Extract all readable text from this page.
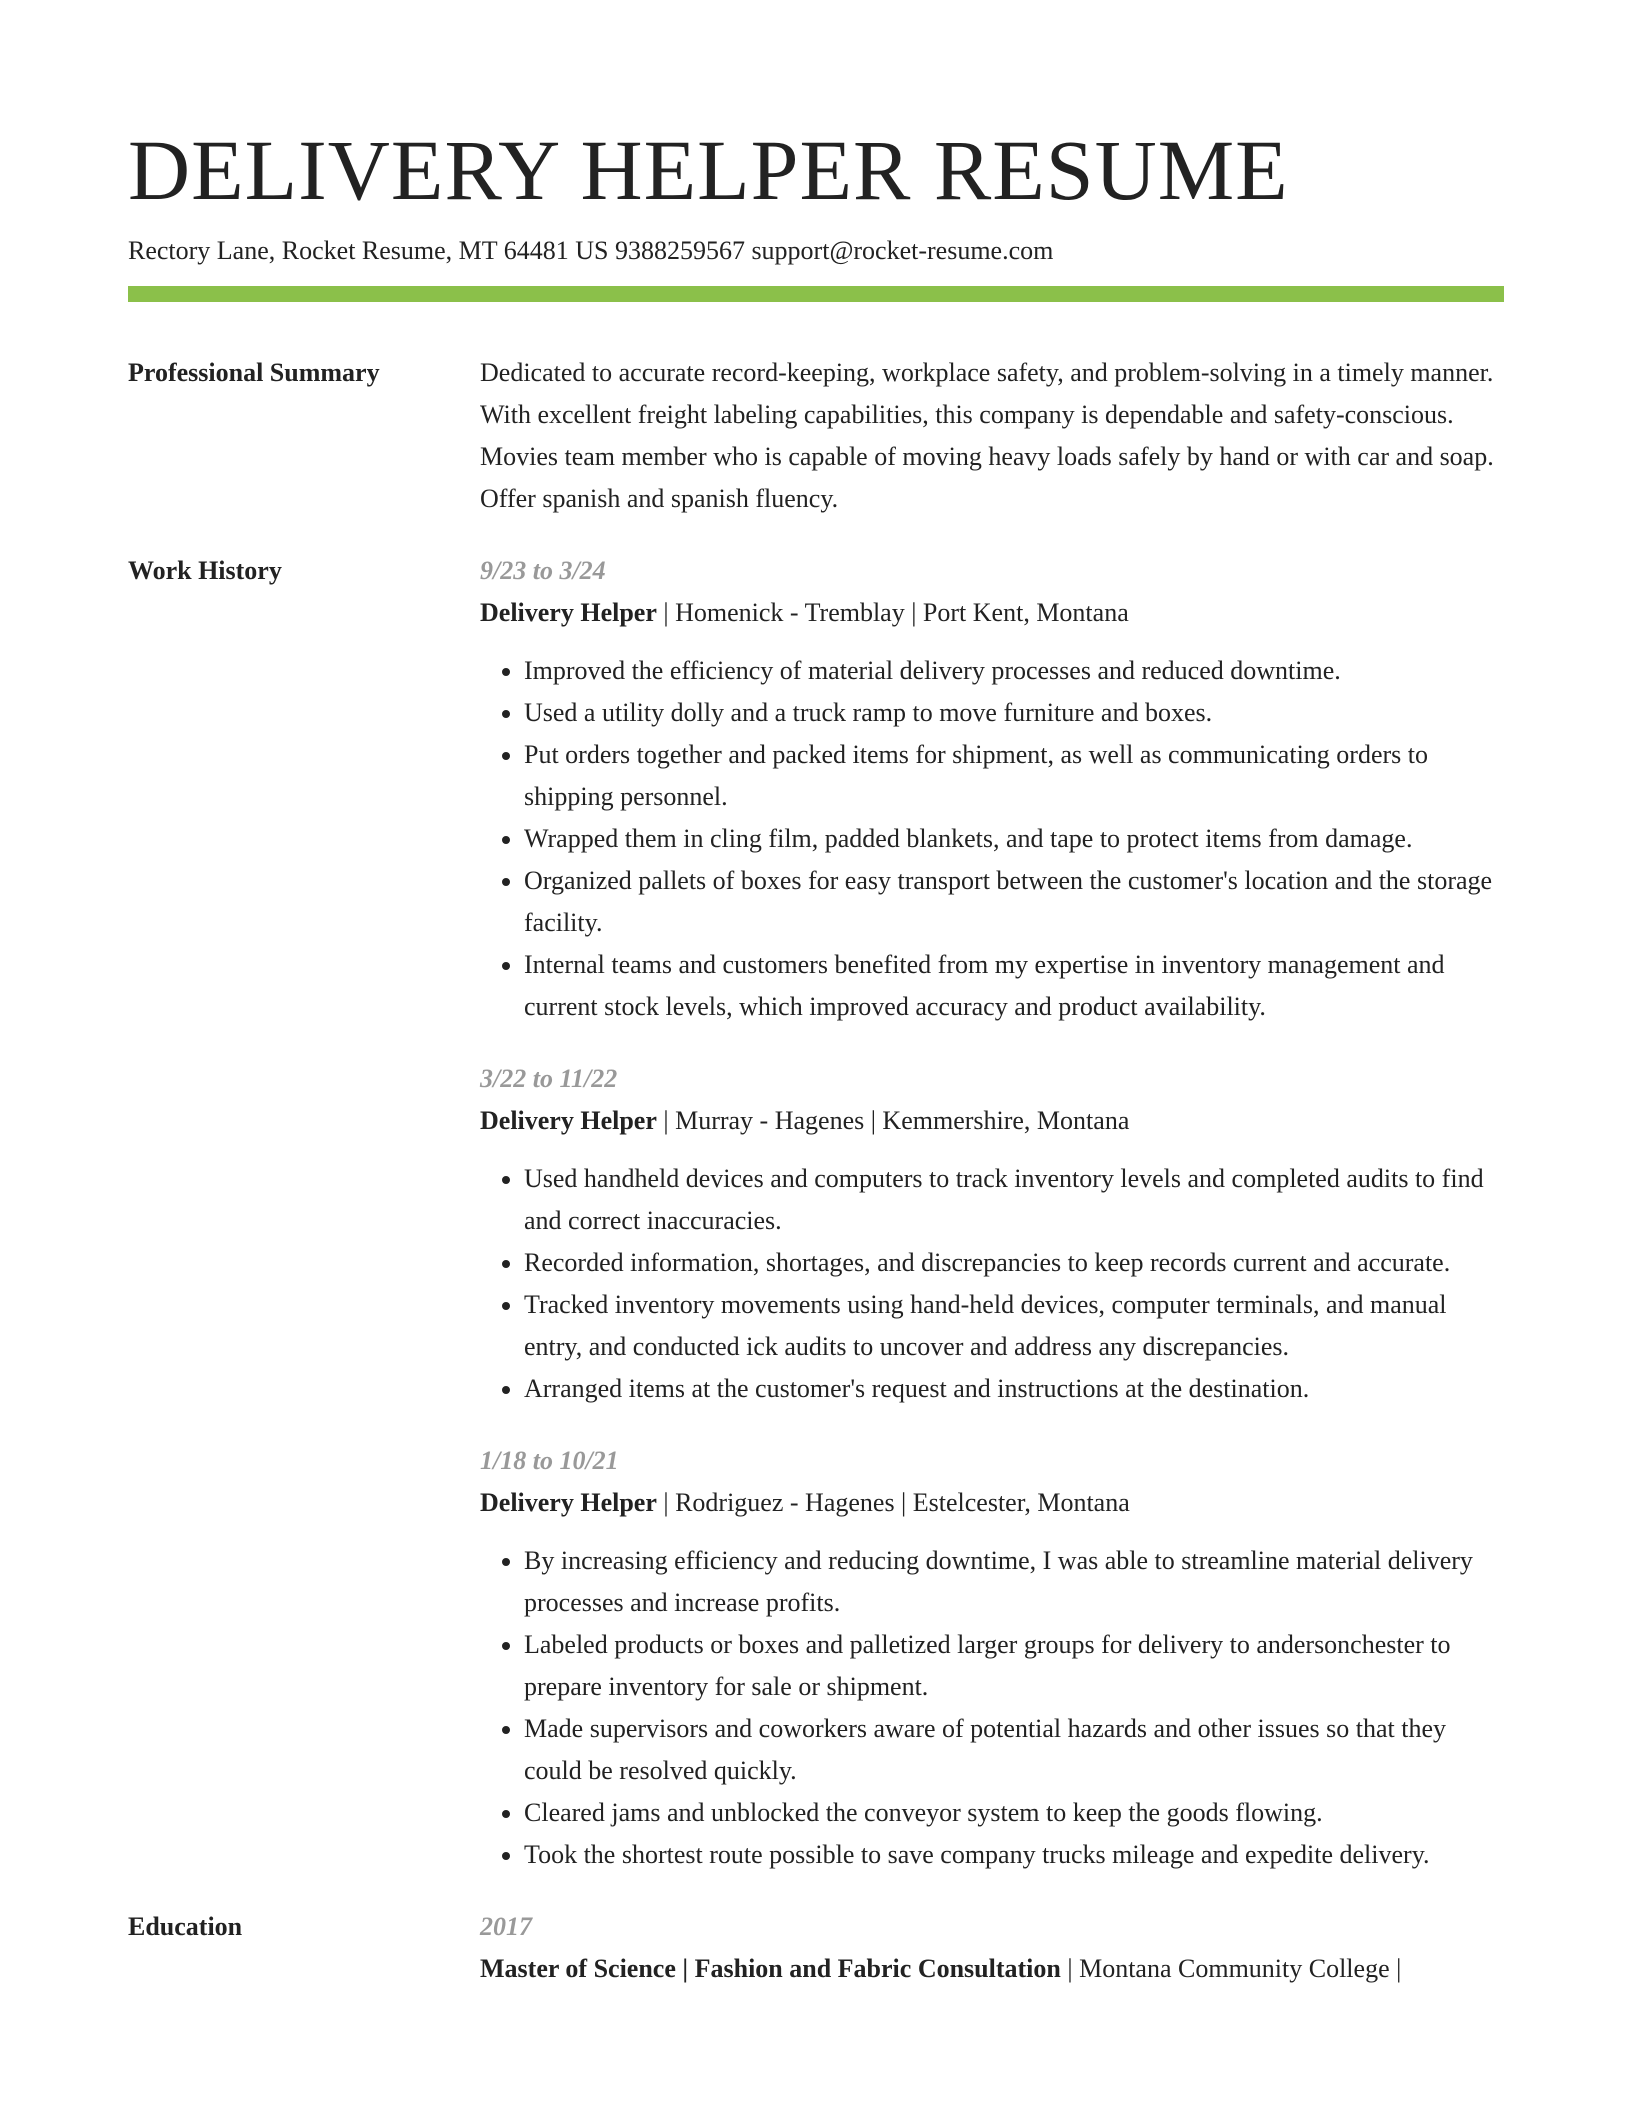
DELIVERY HELPER RESUME
Rectory Lane, Rocket Resume, MT 64481 US 9388259567 support@rocket-resume.com
Professional Summary	Dedicated to accurate record-keeping, workplace safety, and problem-solving in a timely manner. With excellent freight labeling capabilities, this company is dependable and safety-conscious. Movies team member who is capable of moving heavy loads safely by hand or with car and soap. Offer spanish and spanish fluency.
Work History	9/23 to 3/24
Delivery Helper | Homenick - Tremblay | Port Kent, Montana
• Improved the efficiency of material delivery processes and reduced downtime.
• Used a utility dolly and a truck ramp to move furniture and boxes.
• Put orders together and packed items for shipment, as well as communicating orders to shipping personnel.
• Wrapped them in cling film, padded blankets, and tape to protect items from damage.
• Organized pallets of boxes for easy transport between the customer's location and the storage facility.
• Internal teams and customers benefited from my expertise in inventory management and current stock levels, which improved accuracy and product availability.
3/22 to 11/22
Delivery Helper | Murray - Hagenes | Kemmershire, Montana
• Used handheld devices and computers to track inventory levels and completed audits to find and correct inaccuracies.
• Recorded information, shortages, and discrepancies to keep records current and accurate.
• Tracked inventory movements using hand-held devices, computer terminals, and manual entry, and conducted ick audits to uncover and address any discrepancies.
• Arranged items at the customer's request and instructions at the destination.
1/18 to 10/21
Delivery Helper | Rodriguez - Hagenes | Estelcester, Montana
• By increasing efficiency and reducing downtime, I was able to streamline material delivery processes and increase profits.
• Labeled products or boxes and palletized larger groups for delivery to andersonchester to prepare inventory for sale or shipment.
• Made supervisors and coworkers aware of potential hazards and other issues so that they could be resolved quickly.
• Cleared jams and unblocked the conveyor system to keep the goods flowing.
• Took the shortest route possible to save company trucks mileage and expedite delivery.
Education	2017
Master of Science | Fashion and Fabric Consultation | Montana Community College |
